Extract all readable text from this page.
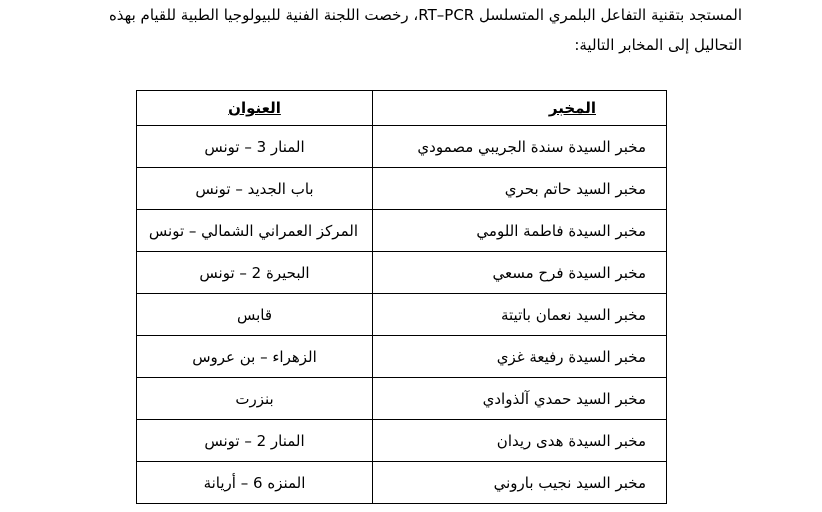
المستجد بتقنية التفاعل البلمري المتسلسل RT–PCR، رخصت اللجنة الفنية للبيولوجيا الطبية للقيام بهذه

التحاليل إلى المخابر التالية:

المخبر	العنوان
مخبر السيدة سندة الجريبي مصمودي	المنار 3 – تونس
مخبر السيد حاتم بحري	باب الجديد – تونس
مخبر السيدة فاطمة اللومي	المركز العمراني الشمالي – تونس
مخبر السيدة فرح مسعي	البحيرة 2 – تونس
مخبر السيد نعمان باتيتة	قابس
مخبر السيدة رفيعة غزي	الزهراء – بن عروس
مخبر السيد حمدي آلذوادي	بنزرت
مخبر السيدة هدى ريدان	المنار 2 – تونس
مخبر السيد نجيب باروني	المنزه 6 – أريانة
